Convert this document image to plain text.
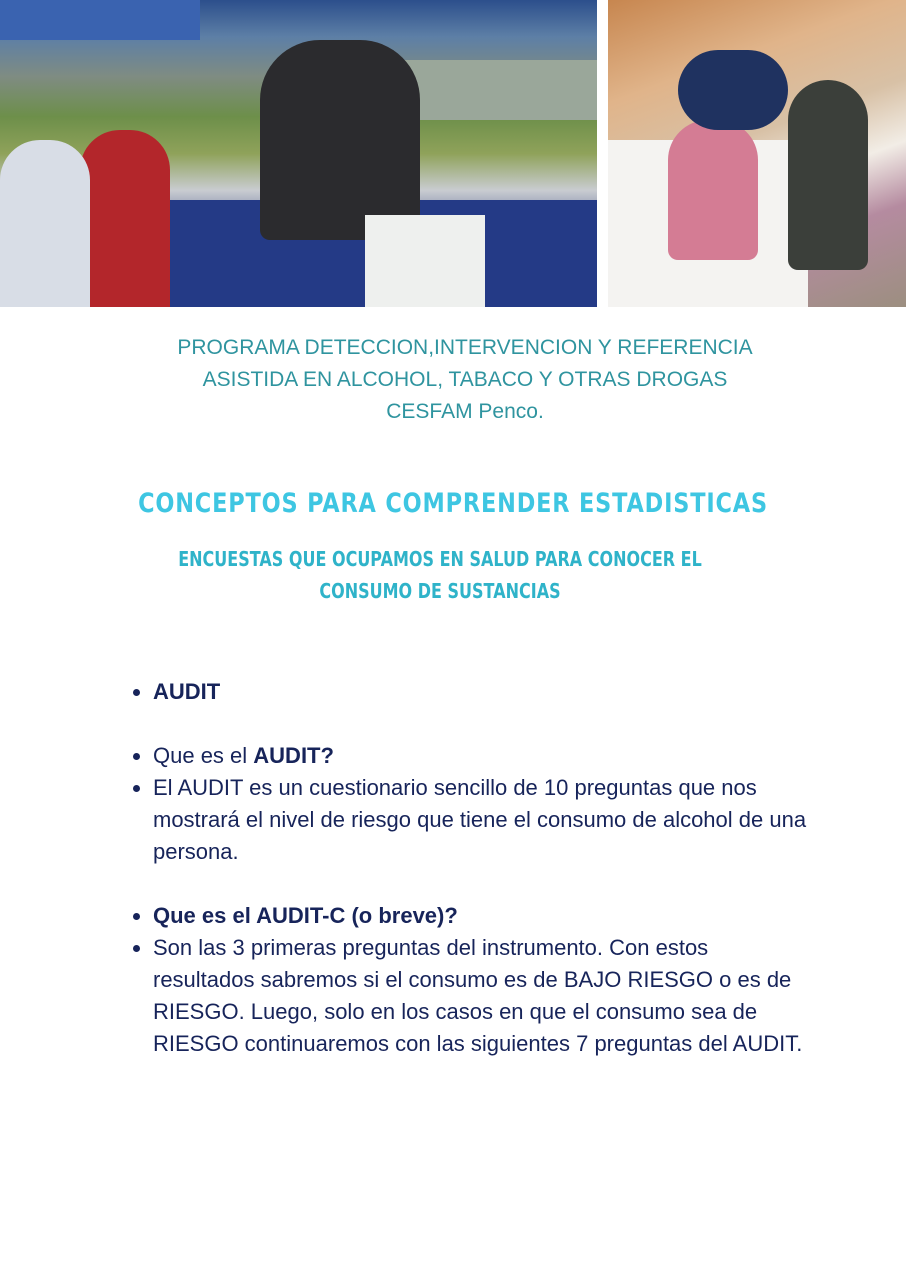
PROGRAMA DETECCION,INTERVENCION Y REFERENCIA
ASISTIDA EN ALCOHOL, TABACO Y OTRAS DROGAS
CESFAM Penco.
CONCEPTOS PARA COMPRENDER ESTADISTICAS
ENCUESTAS QUE OCUPAMOS EN SALUD PARA CONOCER EL CONSUMO DE SUSTANCIAS
• AUDIT
• Que es el AUDIT?
• El AUDIT es un cuestionario sencillo de 10 preguntas que nos mostrará el nivel de riesgo que tiene el consumo de alcohol de una persona.
• Que es el AUDIT-C (o breve)?
• Son las 3 primeras preguntas del instrumento. Con estos resultados sabremos si el consumo es de BAJO RIESGO o es de RIESGO. Luego, solo en los casos en que el consumo sea de RIESGO continuaremos con las siguientes 7 preguntas del AUDIT.
